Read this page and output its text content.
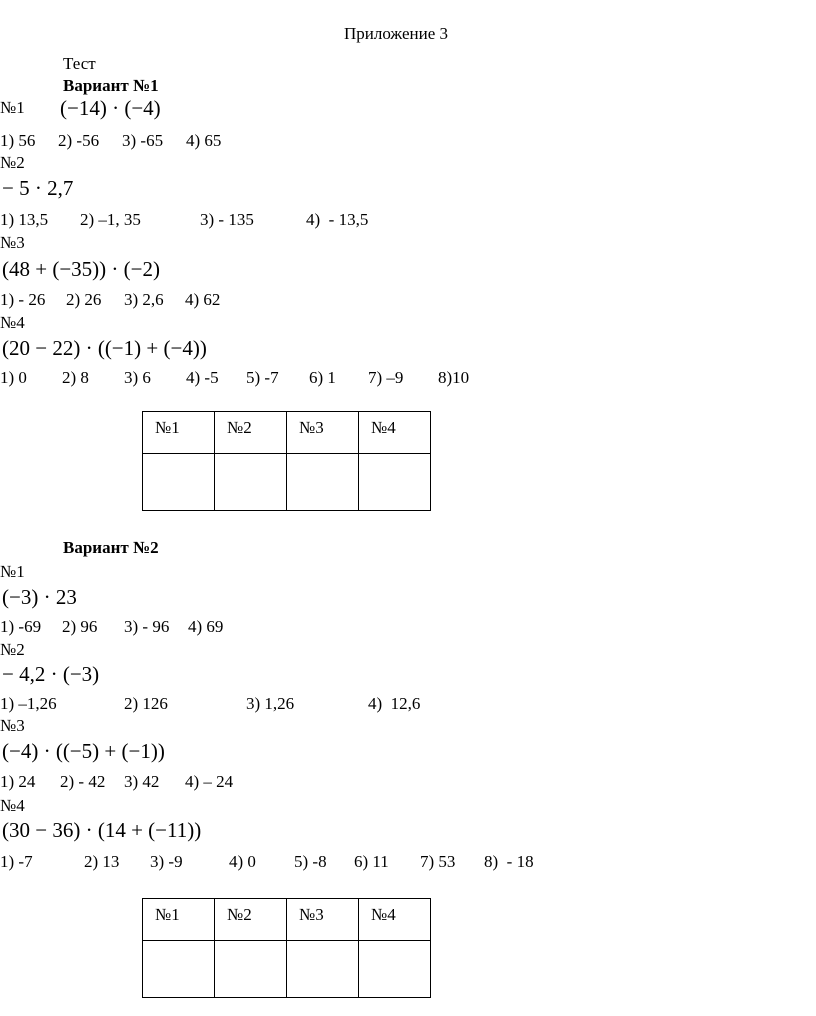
Приложение 3
Тест
Вариант №1
№1 (−14) · (−4)
1) 56 2) -56 3) -65 4) 65
№2
− 5 · 2,7
1) 13,5 2) –1, 35	3) - 135	4)  - 13,5
№3
(48 + (−35)) · (−2)
1) - 26 2) 26 3) 2,6 4) 62
№4
(20 − 22) · ((−1) + (−4))
1) 0 2) 8 3) 6 4) -5 5) -7 6) 1 7) –9 8)10
№1	№2	№3	№4

Вариант №2
№1
(−3) · 23
1) -69 2) 96 3) - 96 4) 69
№2
− 4,2 · (−3)
1) –1,26	2) 126	3) 1,26	4)  12,6
№3
(−4) · ((−5) + (−1))
1) 24 2) - 42 3) 42 4) – 24
№4
(30 − 36) · (14 + (−11))
1) -7	2) 13 3) -9	4) 0 5) -8 6) 11 7) 53 8)  - 18
№1	№2	№3	№4
